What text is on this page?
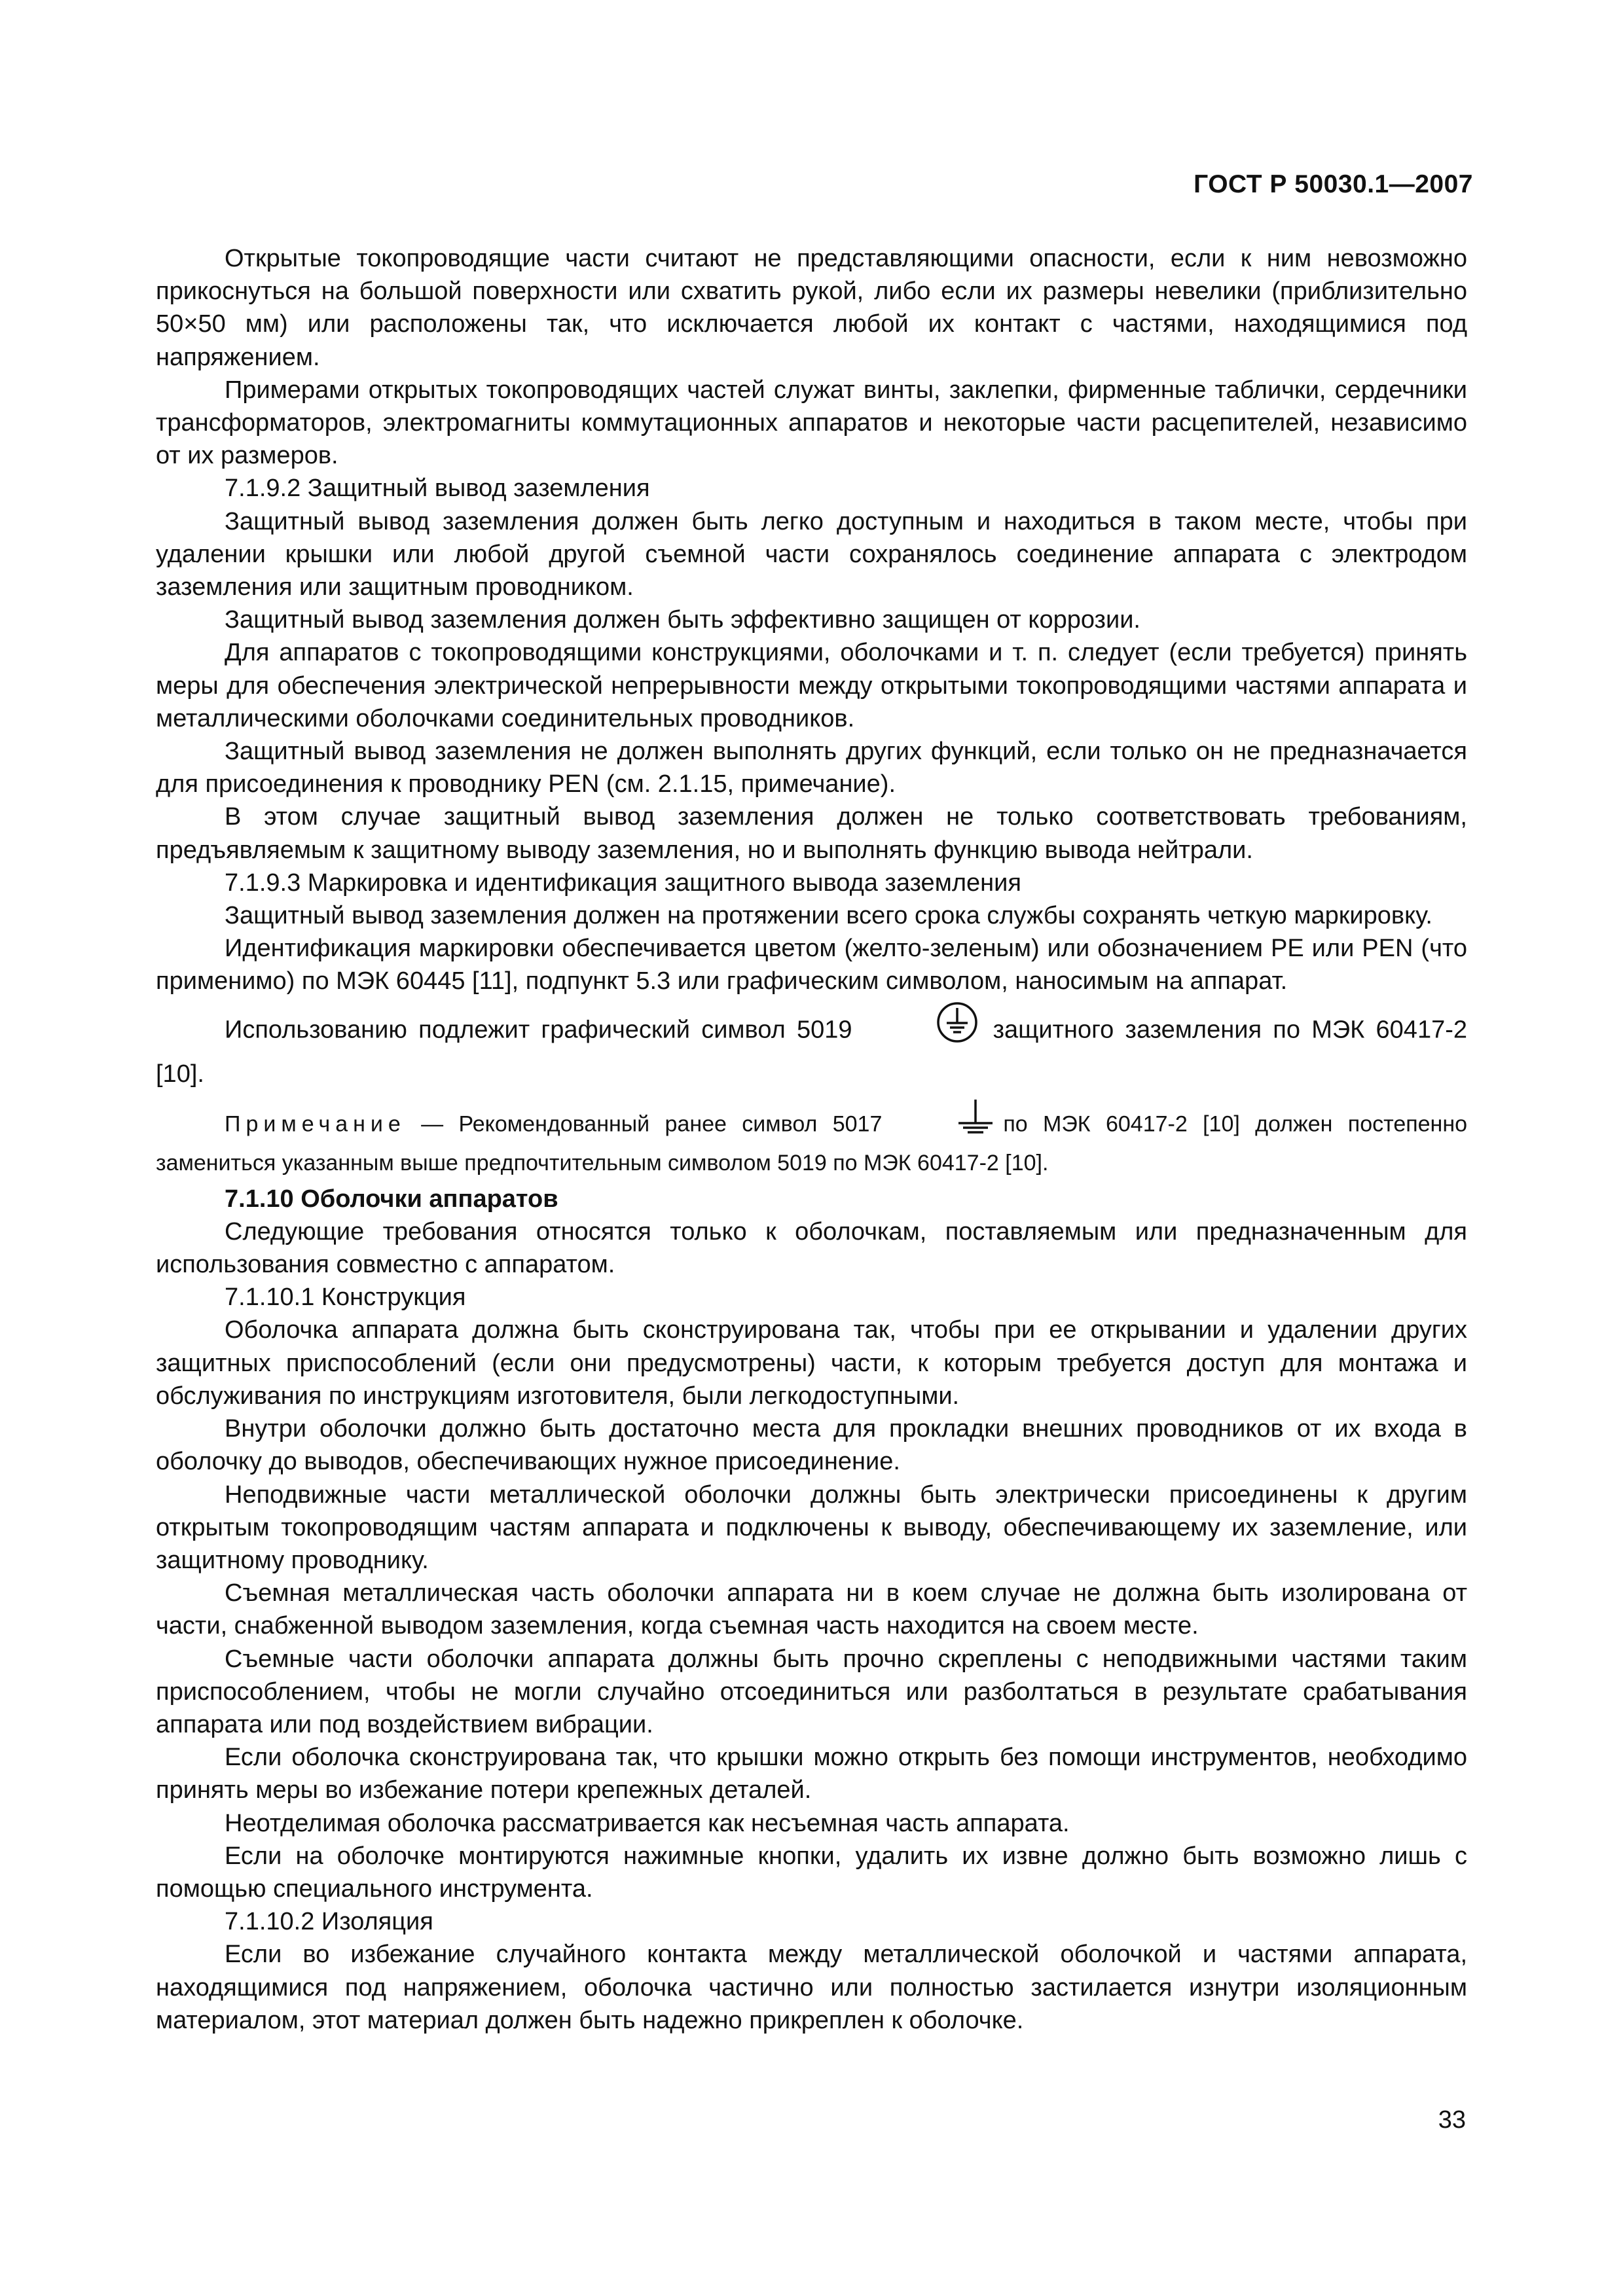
ГОСТ Р 50030.1—2007

Открытые токопроводящие части считают не представляющими опасности, если к ним невозможно прикоснуться на большой поверхности или схватить рукой, либо если их размеры невелики (приблизительно 50×50 мм) или расположены так, что исключается любой их контакт с частями, находящимися под напряжением.

Примерами открытых токопроводящих частей служат винты, заклепки, фирменные таблички, сердечники трансформаторов, электромагниты коммутационных аппаратов и некоторые части расцепителей, независимо от их размеров.

7.1.9.2 Защитный вывод заземления

Защитный вывод заземления должен быть легко доступным и находиться в таком месте, чтобы при удалении крышки или любой другой съемной части сохранялось соединение аппарата с электродом заземления или защитным проводником.

Защитный вывод заземления должен быть эффективно защищен от коррозии.

Для аппаратов с токопроводящими конструкциями, оболочками и т. п. следует (если требуется) принять меры для обеспечения электрической непрерывности между открытыми токопроводящими частями аппарата и металлическими оболочками соединительных проводников.

Защитный вывод заземления не должен выполнять других функций, если только он не предназначается для присоединения к проводнику PEN (см. 2.1.15, примечание).

В этом случае защитный вывод заземления должен не только соответствовать требованиям, предъявляемым к защитному выводу заземления, но и выполнять функцию вывода нейтрали.

7.1.9.3 Маркировка и идентификация защитного вывода заземления

Защитный вывод заземления должен на протяжении всего срока службы сохранять четкую маркировку.

Идентификация маркировки обеспечивается цветом (желто-зеленым) или обозначением PE или PEN (что применимо) по МЭК 60445 [11], подпункт 5.3 или графическим символом, наносимым на аппарат.

Использованию подлежит графический символ 5019	защитного заземления по МЭК 60417-2 [10].

Примечание — Рекомендованный ранее символ 5017	по МЭК 60417-2 [10] должен постепенно замениться указанным выше предпочтительным символом 5019 по МЭК 60417-2 [10].

7.1.10 Оболочки аппаратов

Следующие требования относятся только к оболочкам, поставляемым или предназначенным для использования совместно с аппаратом.

7.1.10.1 Конструкция

Оболочка аппарата должна быть сконструирована так, чтобы при ее открывании и удалении других защитных приспособлений (если они предусмотрены) части, к которым требуется доступ для монтажа и обслуживания по инструкциям изготовителя, были легкодоступными.

Внутри оболочки должно быть достаточно места для прокладки внешних проводников от их входа в оболочку до выводов, обеспечивающих нужное присоединение.

Неподвижные части металлической оболочки должны быть электрически присоединены к другим открытым токопроводящим частям аппарата и подключены к выводу, обеспечивающему их заземление, или защитному проводнику.

Съемная металлическая часть оболочки аппарата ни в коем случае не должна быть изолирована от части, снабженной выводом заземления, когда съемная часть находится на своем месте.

Съемные части оболочки аппарата должны быть прочно скреплены с неподвижными частями таким приспособлением, чтобы не могли случайно отсоединиться или разболтаться в результате срабатывания аппарата или под воздействием вибрации.

Если оболочка сконструирована так, что крышки можно открыть без помощи инструментов, необходимо принять меры во избежание потери крепежных деталей.

Неотделимая оболочка рассматривается как несъемная часть аппарата.

Если на оболочке монтируются нажимные кнопки, удалить их извне должно быть возможно лишь с помощью специального инструмента.

7.1.10.2 Изоляция

Если во избежание случайного контакта между металлической оболочкой и частями аппарата, находящимися под напряжением, оболочка частично или полностью застилается изнутри изоляционным материалом, этот материал должен быть надежно прикреплен к оболочке.

33
